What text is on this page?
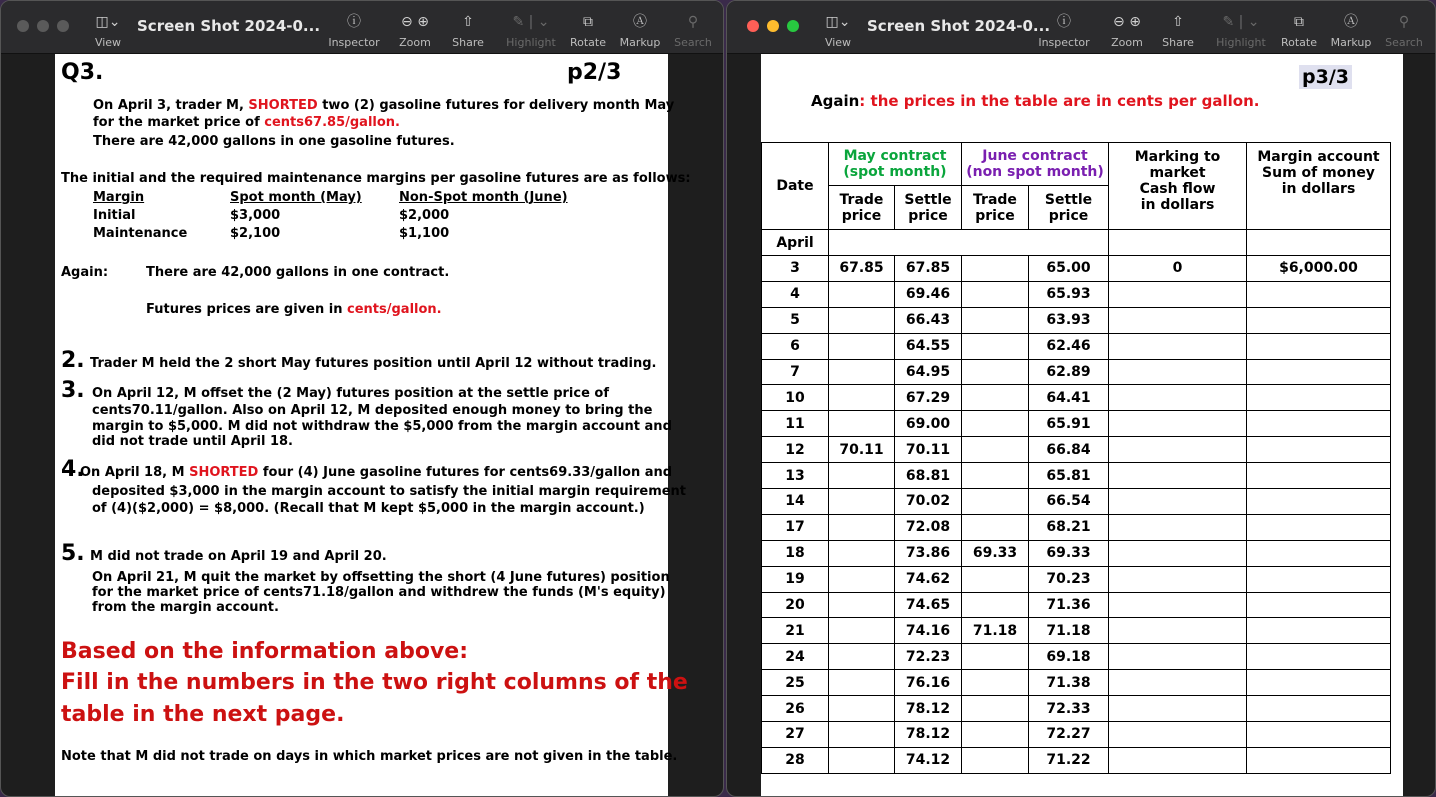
◫⌄
View
Screen Shot 2024-0... ⓘ
Inspector
⊖ ⊕
Zoom
⇧
Share
✎ | ⌄
Highlight
⧉
Rotate
Ⓐ
Markup
⚲
Search
Q3.	p2/3
On April 3, trader M, SHORTED two (2) gasoline futures for delivery month May
for the market price of cents67.85/gallon.
There are 42,000 gallons in one gasoline futures.
The initial and the required maintenance margins per gasoline futures are as follows:
Margin	Spot month (May)	Non-Spot month (June)
Initial	$3,000	$2,000
Maintenance	$2,100	$1,100
Again:	There are 42,000 gallons in one contract.
Futures prices are given in cents/gallon.
2. Trader M held the 2 short May futures position until April 12 without trading.
3. On April 12, M offset the (2 May) futures position at the settle price of
cents70.11/gallon. Also on April 12, M deposited enough money to bring the
margin to $5,000. M did not withdraw the $5,000 from the margin account and
did not trade until April 18.
4.
On April 18, M SHORTED four (4) June gasoline futures for cents69.33/gallon and
deposited $3,000 in the margin account to satisfy the initial margin requirement
of (4)($2,000) = $8,000. (Recall that M kept $5,000 in the margin account.)
5. M did not trade on April 19 and April 20.
On April 21, M quit the market by offsetting the short (4 June futures) position
for the market price of cents71.18/gallon and withdrew the funds (M's equity)
from the margin account.
Based on the information above:
Fill in the numbers in the two right columns of the
table in the next page.
Note that M did not trade on days in which market prices are not given in the table.
◫⌄
View
Screen Shot 2024-0... ⓘ
Inspector
⊖ ⊕
Zoom
⇧
Share
✎ | ⌄
Highlight
⧉
Rotate
Ⓐ
Markup
⚲
Search
p3/3
Again: the prices in the table are in cents per gallon.
Date	May contract
(spot month)		June contract
(non spot month)		Marking to
market
Cash flow
in dollars	Margin account
Sum of money
in dollars
	Trade
price	Settle
price	Trade
price	Settle
price		
April						
3	67.85	67.85		65.00	0	$6,000.00
4		69.46		65.93		
5		66.43		63.93		
6		64.55		62.46		
7		64.95		62.89		
10		67.29		64.41		
11		69.00		65.91		
12	70.11	70.11		66.84		
13		68.81		65.81		
14		70.02		66.54		
17		72.08		68.21		
18		73.86	69.33	69.33		
19		74.62		70.23		
20		74.65		71.36		
21		74.16	71.18	71.18		
24		72.23		69.18		
25		76.16		71.38		
26		78.12		72.33		
27		78.12		72.27		
28		74.12		71.22		
